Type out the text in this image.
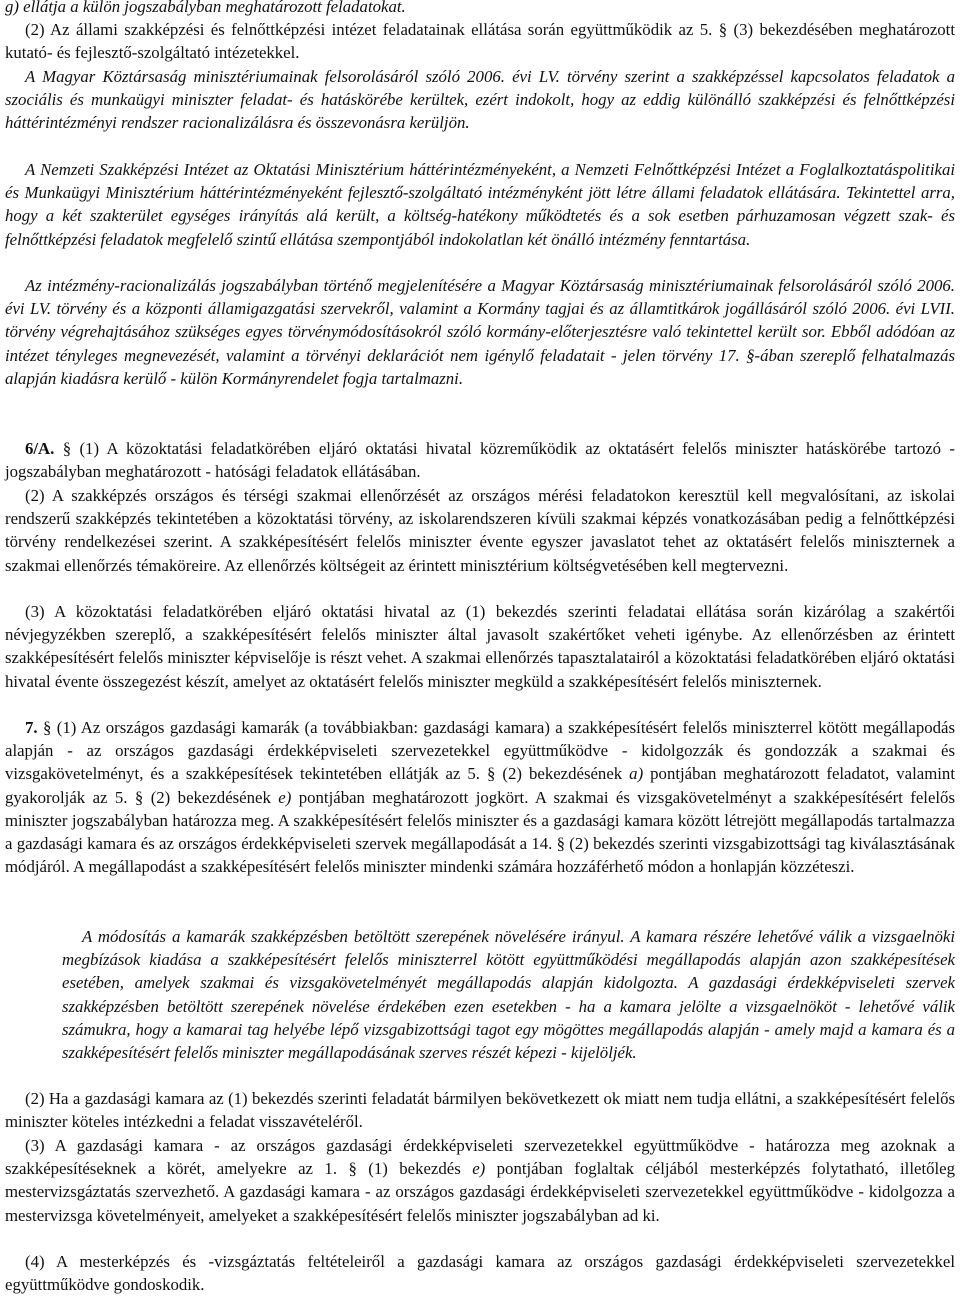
g) ellátja a külön jogszabályban meghatározott feladatokat.

(2) Az állami szakképzési és felnőttképzési intézet feladatainak ellátása során együttműködik az 5. § (3) bekezdésében meghatározott kutató- és fejlesztő-szolgáltató intézetekkel.

A Magyar Köztársaság minisztériumainak felsorolásáról szóló 2006. évi LV. törvény szerint a szakképzéssel kapcsolatos feladatok a szociális és munkaügyi miniszter feladat- és hatáskörébe kerültek, ezért indokolt, hogy az eddig különálló szakképzési és felnőttképzési háttérintézményi rendszer racionalizálásra és összevonásra kerüljön.

A Nemzeti Szakképzési Intézet az Oktatási Minisztérium háttérintézményeként, a Nemzeti Felnőttképzési Intézet a Foglalkoztatáspolitikai és Munkaügyi Minisztérium háttérintézményeként fejlesztő-szolgáltató intézményként jött létre állami feladatok ellátására. Tekintettel arra, hogy a két szakterület egységes irányítás alá került, a költség-hatékony működtetés és a sok esetben párhuzamosan végzett szak- és felnőttképzési feladatok megfelelő szintű ellátása szempontjából indokolatlan két önálló intézmény fenntartása.

Az intézmény-racionalizálás jogszabályban történő megjelenítésére a Magyar Köztársaság minisztériumainak felsorolásáról szóló 2006. évi LV. törvény és a központi államigazgatási szervekről, valamint a Kormány tagjai és az államtitkárok jogállásáról szóló 2006. évi LVII. törvény végrehajtásához szükséges egyes törvénymódosításokról szóló kormány-előterjesztésre való tekintettel került sor. Ebből adódóan az intézet tényleges megnevezését, valamint a törvényi deklarációt nem igénylő feladatait - jelen törvény 17. §-ában szereplő felhatalmazás alapján kiadásra kerülő - külön Kormányrendelet fogja tartalmazni.

6/A. § (1) A közoktatási feladatkörében eljáró oktatási hivatal közreműködik az oktatásért felelős miniszter hatáskörébe tartozó - jogszabályban meghatározott - hatósági feladatok ellátásában.

(2) A szakképzés országos és térségi szakmai ellenőrzését az országos mérési feladatokon keresztül kell megvalósítani, az iskolai rendszerű szakképzés tekintetében a közoktatási törvény, az iskolarendszeren kívüli szakmai képzés vonatkozásában pedig a felnőttképzési törvény rendelkezései szerint. A szakképesítésért felelős miniszter évente egyszer javaslatot tehet az oktatásért felelős miniszternek a szakmai ellenőrzés témaköreire. Az ellenőrzés költségeit az érintett minisztérium költségvetésében kell megtervezni.

(3) A közoktatási feladatkörében eljáró oktatási hivatal az (1) bekezdés szerinti feladatai ellátása során kizárólag a szakértői névjegyzékben szereplő, a szakképesítésért felelős miniszter által javasolt szakértőket veheti igénybe. Az ellenőrzésben az érintett szakképesítésért felelős miniszter képviselője is részt vehet. A szakmai ellenőrzés tapasztalatairól a közoktatási feladatkörében eljáró oktatási hivatal évente összegezést készít, amelyet az oktatásért felelős miniszter megküld a szakképesítésért felelős miniszternek.

7. § (1) Az országos gazdasági kamarák (a továbbiakban: gazdasági kamara) a szakképesítésért felelős miniszterrel kötött megállapodás alapján - az országos gazdasági érdekképviseleti szervezetekkel együttműködve - kidolgozzák és gondozzák a szakmai és vizsgakövetelményt, és a szakképesítések tekintetében ellátják az 5. § (2) bekezdésének a) pontjában meghatározott feladatot, valamint gyakorolják az 5. § (2) bekezdésének e) pontjában meghatározott jogkört. A szakmai és vizsgakövetelményt a szakképesítésért felelős miniszter jogszabályban határozza meg. A szakképesítésért felelős miniszter és a gazdasági kamara között létrejött megállapodás tartalmazza a gazdasági kamara és az országos érdekképviseleti szervek megállapodását a 14. § (2) bekezdés szerinti vizsgabizottsági tag kiválasztásának módjáról. A megállapodást a szakképesítésért felelős miniszter mindenki számára hozzáférhető módon a honlapján közzéteszi.

A módosítás a kamarák szakképzésben betöltött szerepének növelésére irányul. A kamara részére lehetővé válik a vizsgaelnöki megbízások kiadása a szakképesítésért felelős miniszterrel kötött együttműködési megállapodás alapján azon szakképesítések esetében, amelyek szakmai és vizsgakövetelményét megállapodás alapján kidolgozta. A gazdasági érdekképviseleti szervek szakképzésben betöltött szerepének növelése érdekében ezen esetekben - ha a kamara jelölte a vizsgaelnököt - lehetővé válik számukra, hogy a kamarai tag helyébe lépő vizsgabizottsági tagot egy mögöttes megállapodás alapján - amely majd a kamara és a szakképesítésért felelős miniszter megállapodásának szerves részét képezi - kijelöljék.

(2) Ha a gazdasági kamara az (1) bekezdés szerinti feladatát bármilyen bekövetkezett ok miatt nem tudja ellátni, a szakképesítésért felelős miniszter köteles intézkedni a feladat visszavételéről.

(3) A gazdasági kamara - az országos gazdasági érdekképviseleti szervezetekkel együttműködve - határozza meg azoknak a szakképesítéseknek a körét, amelyekre az 1. § (1) bekezdés e) pontjában foglaltak céljából mesterképzés folytatható, illetőleg mestervizsgáztatás szervezhető. A gazdasági kamara - az országos gazdasági érdekképviseleti szervezetekkel együttműködve - kidolgozza a mestervizsga követelményeit, amelyeket a szakképesítésért felelős miniszter jogszabályban ad ki.

(4) A mesterképzés és -vizsgáztatás feltételeiről a gazdasági kamara az országos gazdasági érdekképviseleti szervezetekkel együttműködve gondoskodik.
